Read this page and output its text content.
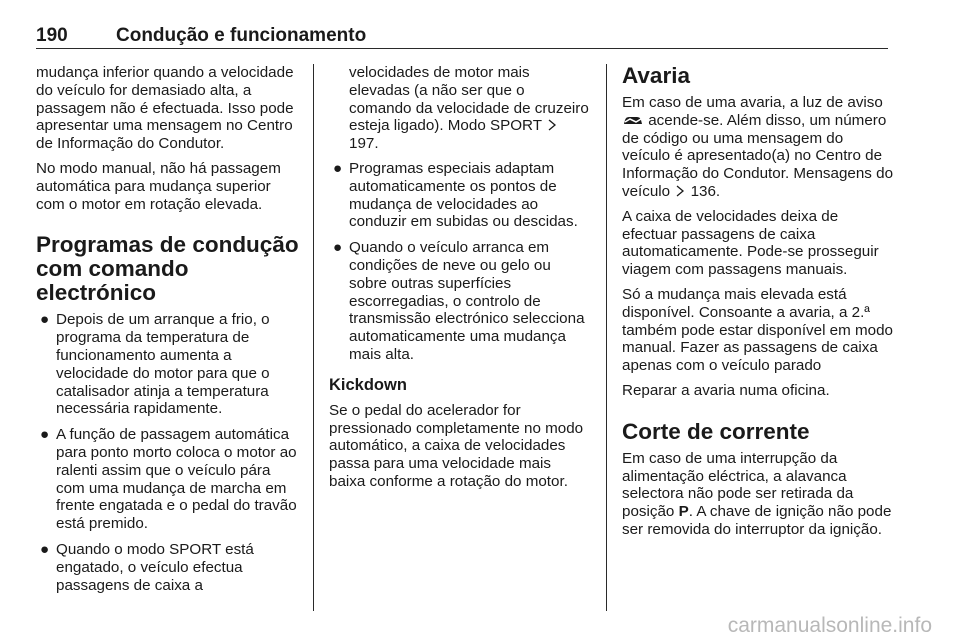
190	Condução e funcionamento

mudança inferior quando a velocidade do veículo for demasiado alta, a passagem não é efectuada. Isso pode apresentar uma mensagem no Centro de Informação do Condutor.

No modo manual, não há passagem automática para mudança superior com o motor em rotação elevada.

Programas de condução com comando electrónico
● Depois de um arranque a frio, o programa da temperatura de funcionamento aumenta a velocidade do motor para que o catalisador atinja a temperatura necessária rapidamente.
● A função de passagem automática para ponto morto coloca o motor ao ralenti assim que o veículo pára com uma mudança de marcha em frente engatada e o pedal do travão está premido.
● Quando o modo SPORT está engatado, o veículo efectua passagens de caixa a

velocidades de motor mais elevadas (a não ser que o comando da velocidade de cruzeiro esteja ligado). Modo SPORT  197.

● Programas especiais adaptam automaticamente os pontos de mudança de velocidades ao conduzir em subidas ou descidas.
● Quando o veículo arranca em condições de neve ou gelo ou sobre outras superfícies escorregadias, o controlo de transmissão electrónico selecciona automaticamente uma mudança mais alta.
Kickdown

Se o pedal do acelerador for pressionado completamente no modo automático, a caixa de velocidades passa para uma velocidade mais baixa conforme a rotação do motor.

Avaria

Em caso de uma avaria, a luz de aviso  acende-se. Além disso, um número de código ou uma mensagem do veículo é apresentado(a) no Centro de Informação do Condutor. Mensagens do veículo 136.

A caixa de velocidades deixa de efectuar passagens de caixa automaticamente. Pode-se prosseguir viagem com passagens manuais.

Só a mudança mais elevada está disponível. Consoante a avaria, a 2.ª também pode estar disponível em modo manual. Fazer as passagens de caixa apenas com o veículo parado

Reparar a avaria numa oficina.

Corte de corrente

Em caso de uma interrupção da alimentação eléctrica, a alavanca selectora não pode ser retirada da posição P. A chave de ignição não pode ser removida do interruptor da ignição.

carmanualsonline.info
